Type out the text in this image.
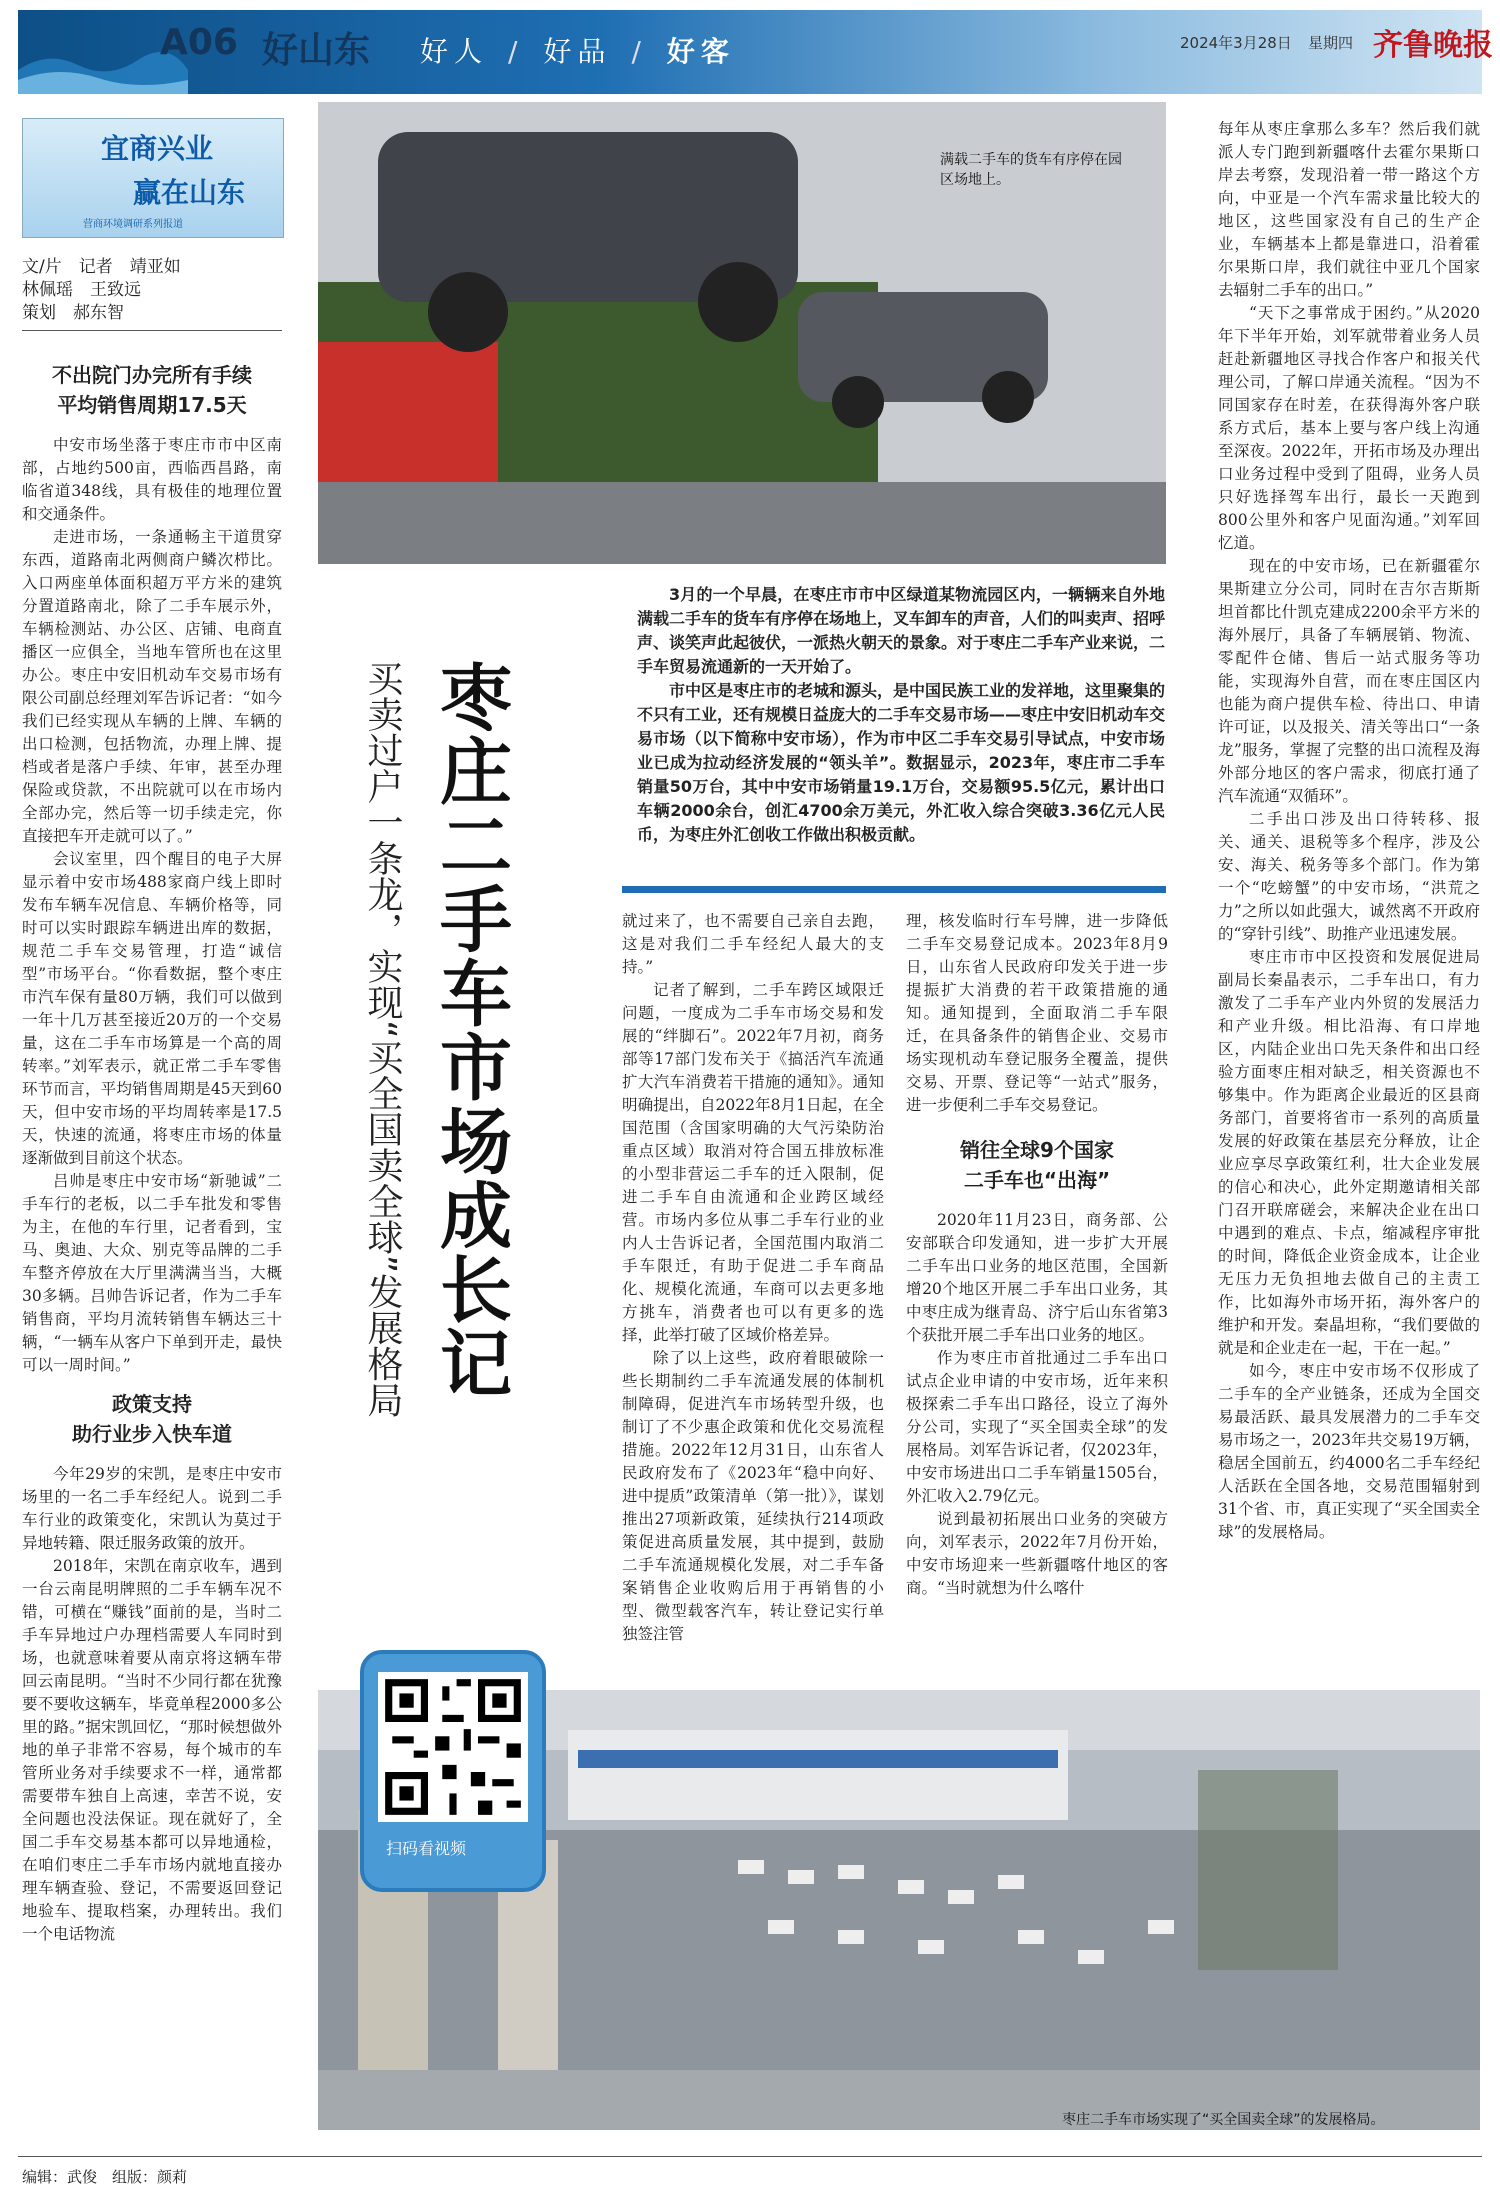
A06 好山东 好人 / 好品 / 好客	2024年3月28日 星期四 齐鲁晚报
宜商兴业
赢在山东
营商环境调研系列报道
文/片　记者　靖亚如
林佩瑶　王致远
策划　郝东智
不出院门办完所有手续
平均销售周期17.5天

中安市场坐落于枣庄市市中区南部，占地约500亩，西临西昌路，南临省道348线，具有极佳的地理位置和交通条件。

走进市场，一条通畅主干道贯穿东西，道路南北两侧商户鳞次栉比。入口两座单体面积超万平方米的建筑分置道路南北，除了二手车展示外，车辆检测站、办公区、店铺、电商直播区一应俱全，当地车管所也在这里办公。枣庄中安旧机动车交易市场有限公司副总经理刘军告诉记者：“如今我们已经实现从车辆的上牌、车辆的出口检测，包括物流，办理上牌、提档或者是落户手续、年审，甚至办理保险或贷款，不出院就可以在市场内全部办完，然后等一切手续走完，你直接把车开走就可以了。”

会议室里，四个醒目的电子大屏显示着中安市场488家商户线上即时发布车辆车况信息、车辆价格等，同时可以实时跟踪车辆进出库的数据，规范二手车交易管理，打造“诚信型”市场平台。“你看数据，整个枣庄市汽车保有量80万辆，我们可以做到一年十几万甚至接近20万的一个交易量，这在二手车市场算是一个高的周转率。”刘军表示，就正常二手车零售环节而言，平均销售周期是45天到60天，但中安市场的平均周转率是17.5天，快速的流通，将枣庄市场的体量逐渐做到目前这个状态。

吕帅是枣庄中安市场“新驰诚”二手车行的老板，以二手车批发和零售为主，在他的车行里，记者看到，宝马、奥迪、大众、别克等品牌的二手车整齐停放在大厅里满满当当，大概30多辆。吕帅告诉记者，作为二手车销售商，平均月流转销售车辆达三十辆，“一辆车从客户下单到开走，最快可以一周时间。”

政策支持
助行业步入快车道

今年29岁的宋凯，是枣庄中安市场里的一名二手车经纪人。说到二手车行业的政策变化，宋凯认为莫过于异地转籍、限迁服务政策的放开。

2018年，宋凯在南京收车，遇到一台云南昆明牌照的二手车辆车况不错，可横在“赚钱”面前的是，当时二手车异地过户办理档需要人车同时到场，也就意味着要从南京将这辆车带回云南昆明。“当时不少同行都在犹豫要不要收这辆车，毕竟单程2000多公里的路。”据宋凯回忆，“那时候想做外地的单子非常不容易，每个城市的车管所业务对手续要求不一样，通常都需要带车独自上高速，幸苦不说，安全问题也没法保证。现在就好了，全国二手车交易基本都可以异地通检，在咱们枣庄二手车市场内就地直接办理车辆查验、登记，不需要返回登记地验车、提取档案，办理转出。我们一个电话物流

满载二手车的货车有序停在园区场地上。
枣庄二手车市场成长记
买卖过户一条龙，实现“买全国卖全球”发展格局

3月的一个早晨，在枣庄市市中区绿道某物流园区内，一辆辆来自外地满载二手车的货车有序停在场地上，叉车卸车的声音，人们的叫卖声、招呼声、谈笑声此起彼伏，一派热火朝天的景象。对于枣庄二手车产业来说，二手车贸易流通新的一天开始了。

市中区是枣庄市的老城和源头，是中国民族工业的发祥地，这里聚集的不只有工业，还有规模日益庞大的二手车交易市场——枣庄中安旧机动车交易市场（以下简称中安市场），作为市中区二手车交易引导试点，中安市场业已成为拉动经济发展的“领头羊”。数据显示，2023年，枣庄市二手车销量50万台，其中中安市场销量19.1万台，交易额95.5亿元，累计出口车辆2000余台，创汇4700余万美元，外汇收入综合突破3.36亿元人民币，为枣庄外汇创收工作做出积极贡献。

就过来了，也不需要自己亲自去跑，这是对我们二手车经纪人最大的支持。”

记者了解到，二手车跨区域限迁问题，一度成为二手车市场交易和发展的“绊脚石”。2022年7月初，商务部等17部门发布关于《搞活汽车流通　扩大汽车消费若干措施的通知》。通知明确提出，自2022年8月1日起，在全国范围（含国家明确的大气污染防治重点区域）取消对符合国五排放标准的小型非营运二手车的迁入限制，促进二手车自由流通和企业跨区域经营。市场内多位从事二手车行业的业内人士告诉记者，全国范围内取消二手车限迁，有助于促进二手车商品化、规模化流通，车商可以去更多地方挑车，消费者也可以有更多的选择，此举打破了区域价格差异。

除了以上这些，政府着眼破除一些长期制约二手车流通发展的体制机制障碍，促进汽车市场转型升级，也制订了不少惠企政策和优化交易流程措施。2022年12月31日，山东省人民政府发布了《2023年“稳中向好、进中提质”政策清单（第一批）》，谋划推出27项新政策，延续执行214项政策促进高质量发展，其中提到，鼓励二手车流通规模化发展，对二手车备案销售企业收购后用于再销售的小型、微型载客汽车，转让登记实行单独签注管

理，核发临时行车号牌，进一步降低二手车交易登记成本。2023年8月9日，山东省人民政府印发关于进一步提振扩大消费的若干政策措施的通知。通知提到，全面取消二手车限迁，在具备条件的销售企业、交易市场实现机动车登记服务全覆盖，提供交易、开票、登记等“一站式”服务，进一步便利二手车交易登记。

销往全球9个国家
二手车也“出海”

2020年11月23日，商务部、公安部联合印发通知，进一步扩大开展二手车出口业务的地区范围，全国新增20个地区开展二手车出口业务，其中枣庄成为继青岛、济宁后山东省第3个获批开展二手车出口业务的地区。

作为枣庄市首批通过二手车出口试点企业申请的中安市场，近年来积极探索二手车出口路径，设立了海外分公司，实现了“买全国卖全球”的发展格局。刘军告诉记者，仅2023年，中安市场进出口二手车销量1505台，外汇收入2.79亿元。

说到最初拓展出口业务的突破方向，刘军表示，2022年7月份开始，中安市场迎来一些新疆喀什地区的客商。“当时就想为什么喀什

每年从枣庄拿那么多车？然后我们就派人专门跑到新疆喀什去霍尔果斯口岸去考察，发现沿着一带一路这个方向，中亚是一个汽车需求量比较大的地区，这些国家没有自己的生产企业，车辆基本上都是靠进口，沿着霍尔果斯口岸，我们就往中亚几个国家去辐射二手车的出口。”

“天下之事常成于困约。”从2020年下半年开始，刘军就带着业务人员赶赴新疆地区寻找合作客户和报关代理公司，了解口岸通关流程。“因为不同国家存在时差，在获得海外客户联系方式后，基本上要与客户线上沟通至深夜。2022年，开拓市场及办理出口业务过程中受到了阻碍，业务人员只好选择驾车出行，最长一天跑到800公里外和客户见面沟通。”刘军回忆道。

现在的中安市场，已在新疆霍尔果斯建立分公司，同时在吉尔吉斯斯坦首都比什凯克建成2200余平方米的海外展厅，具备了车辆展销、物流、零配件仓储、售后一站式服务等功能，实现海外自营，而在枣庄国区内也能为商户提供车检、待出口、申请许可证，以及报关、清关等出口“一条龙”服务，掌握了完整的出口流程及海外部分地区的客户需求，彻底打通了汽车流通“双循环”。

二手出口涉及出口待转移、报关、通关、退税等多个程序，涉及公安、海关、税务等多个部门。作为第一个“吃螃蟹”的中安市场，“洪荒之力”之所以如此强大，诚然离不开政府的“穿针引线”、助推产业迅速发展。

枣庄市市中区投资和发展促进局副局长秦晶表示，二手车出口，有力激发了二手车产业内外贸的发展活力和产业升级。相比沿海、有口岸地区，内陆企业出口先天条件和出口经验方面枣庄相对缺乏，相关资源也不够集中。作为距离企业最近的区县商务部门，首要将省市一系列的高质量发展的好政策在基层充分释放，让企业应享尽享政策红利，壮大企业发展的信心和决心，此外定期邀请相关部门召开联席磋会，来解决企业在出口中遇到的难点、卡点，缩减程序审批的时间，降低企业资金成本，让企业无压力无负担地去做自己的主责工作，比如海外市场开拓，海外客户的维护和开发。秦晶坦称，“我们要做的就是和企业走在一起，干在一起。”

如今，枣庄中安市场不仅形成了二手车的全产业链条，还成为全国交易最活跃、最具发展潜力的二手车交易市场之一，2023年共交易19万辆，稳居全国前五，约4000名二手车经纪人活跃在全国各地，交易范围辐射到31个省、市，真正实现了“买全国卖全球”的发展格局。

枣庄二手车市场实现了“买全国卖全球”的发展格局。
扫码看视频
编辑：武俊　组版：颜莉
